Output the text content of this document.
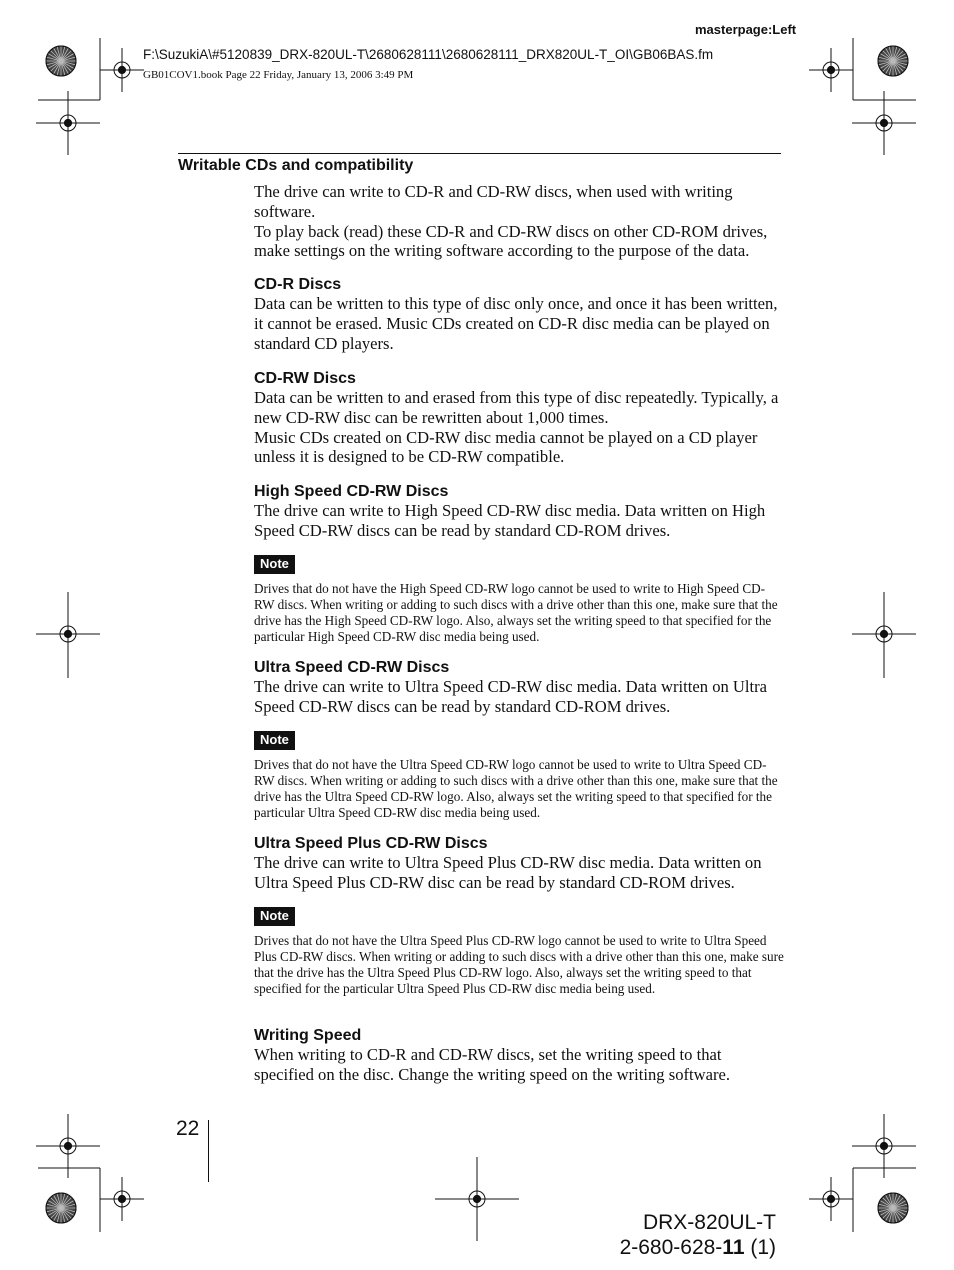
masterpage:Left
F:\SuzukiA\#5120839_DRX-820UL-T\2680628111\2680628111_DRX820UL-T_OI\GB06BAS.fm
GB01COV1.book Page 22 Friday, January 13, 2006 3:49 PM
Writable CDs and compatibility

The drive can write to CD-R and CD-RW discs, when used with writing software.

To play back (read) these CD-R and CD-RW discs on other CD-ROM drives, make settings on the writing software according to the purpose of the data.

CD-R Discs

Data can be written to this type of disc only once, and once it has been written, it cannot be erased. Music CDs created on CD-R disc media can be played on standard CD players.

CD-RW Discs

Data can be written to and erased from this type of disc repeatedly. Typically, a new CD-RW disc can be rewritten about 1,000 times.

Music CDs created on CD-RW disc media cannot be played on a CD player unless it is designed to be CD-RW compatible.

High Speed CD-RW Discs

The drive can write to High Speed CD-RW disc media. Data written on High Speed CD-RW discs can be read by standard CD-ROM drives.

Note

Drives that do not have the High Speed CD-RW logo cannot be used to write to High Speed CD-RW discs. When writing or adding to such discs with a drive other than this one, make sure that the drive has the High Speed CD-RW logo. Also, always set the writing speed to that specified for the particular High Speed CD-RW disc media being used.

Ultra Speed CD-RW Discs

The drive can write to Ultra Speed CD-RW disc media. Data written on Ultra Speed CD-RW discs can be read by standard CD-ROM drives.

Note

Drives that do not have the Ultra Speed CD-RW logo cannot be used to write to Ultra Speed CD-RW discs. When writing or adding to such discs with a drive other than this one, make sure that the drive has the Ultra Speed CD-RW logo. Also, always set the writing speed to that specified for the particular Ultra Speed CD-RW disc media being used.

Ultra Speed Plus CD-RW Discs

The drive can write to Ultra Speed Plus CD-RW disc media. Data written on Ultra Speed Plus CD-RW disc can be read by standard CD-ROM drives.

Note

Drives that do not have the Ultra Speed Plus CD-RW logo cannot be used to write to Ultra Speed Plus CD-RW discs. When writing or adding to such discs with a drive other than this one, make sure that the drive has the Ultra Speed Plus CD-RW logo. Also, always set the writing speed to that specified for the particular Ultra Speed Plus CD-RW disc media being used.

Writing Speed

When writing to CD-R and CD-RW discs, set the writing speed to that specified on the disc. Change the writing speed on the writing software.

22
DRX-820UL-T
2-680-628-11 (1)
